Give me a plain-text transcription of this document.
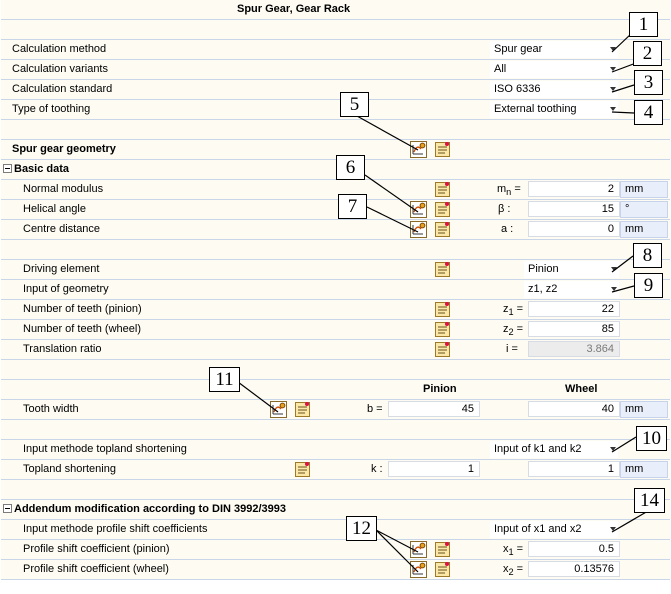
Spur Gear, Gear Rack
Calculation method	Spur gear
Calculation variants	All
Calculation standard	ISO 6336
Type of toothing	External toothing
Spur gear geometry
Basic data
Normal modulus	$m_n$ =	2	mm
Helical angle	β :	15	°
Centre distance	a :	0	mm
Driving element	Pinion
Input of geometry	z1, z2
Number of teeth (pinion)	$z_1$ =	22
Number of teeth (wheel)	$z_2$ =	85
Translation ratio	i =	3.864
Pinion	Wheel
Tooth width	b =	45	40	mm
Input methode topland shortening	Input of k1 and k2
Topland shortening	k :	1	1	mm
Addendum modification according to DIN 3992/3993
Input methode profile shift coefficients	Input of x1 and x2
Profile shift coefficient (pinion)	$x_1$ =	0.5
Profile shift coefficient (wheel)	$x_2$ =	0.13576
1
2
3
4
5
6
7
8
9
11
10
12
14
